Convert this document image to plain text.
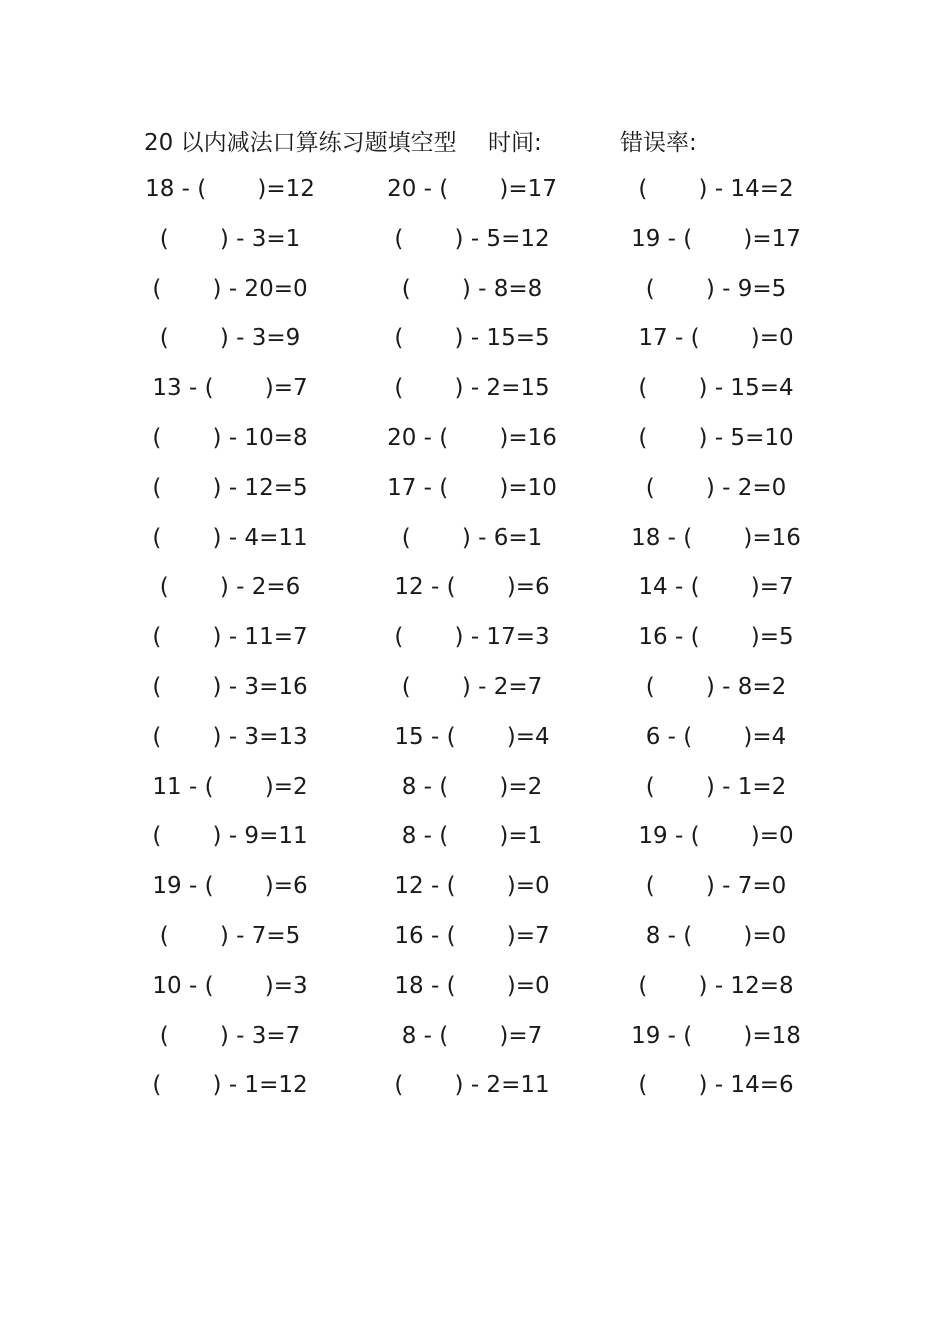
20 以内减法口算练习题填空型 时间:	错误率:
18 - (       )=12	20 - (       )=17	(       ) - 14=2
(       ) - 3=1	(       ) - 5=12	19 - (       )=17
(       ) - 20=0	(       ) - 8=8	(       ) - 9=5
(       ) - 3=9	(       ) - 15=5	17 - (       )=0
13 - (       )=7	(       ) - 2=15	(       ) - 15=4
(       ) - 10=8	20 - (       )=16	(       ) - 5=10
(       ) - 12=5	17 - (       )=10	(       ) - 2=0
(       ) - 4=11	(       ) - 6=1	18 - (       )=16
(       ) - 2=6	12 - (       )=6	14 - (       )=7
(       ) - 11=7	(       ) - 17=3	16 - (       )=5
(       ) - 3=16	(       ) - 2=7	(       ) - 8=2
(       ) - 3=13	15 - (       )=4	6 - (       )=4
11 - (       )=2	8 - (       )=2	(       ) - 1=2
(       ) - 9=11	8 - (       )=1	19 - (       )=0
19 - (       )=6	12 - (       )=0	(       ) - 7=0
(       ) - 7=5	16 - (       )=7	8 - (       )=0
10 - (       )=3	18 - (       )=0	(       ) - 12=8
(       ) - 3=7	8 - (       )=7	19 - (       )=18
(       ) - 1=12	(       ) - 2=11	(       ) - 14=6
